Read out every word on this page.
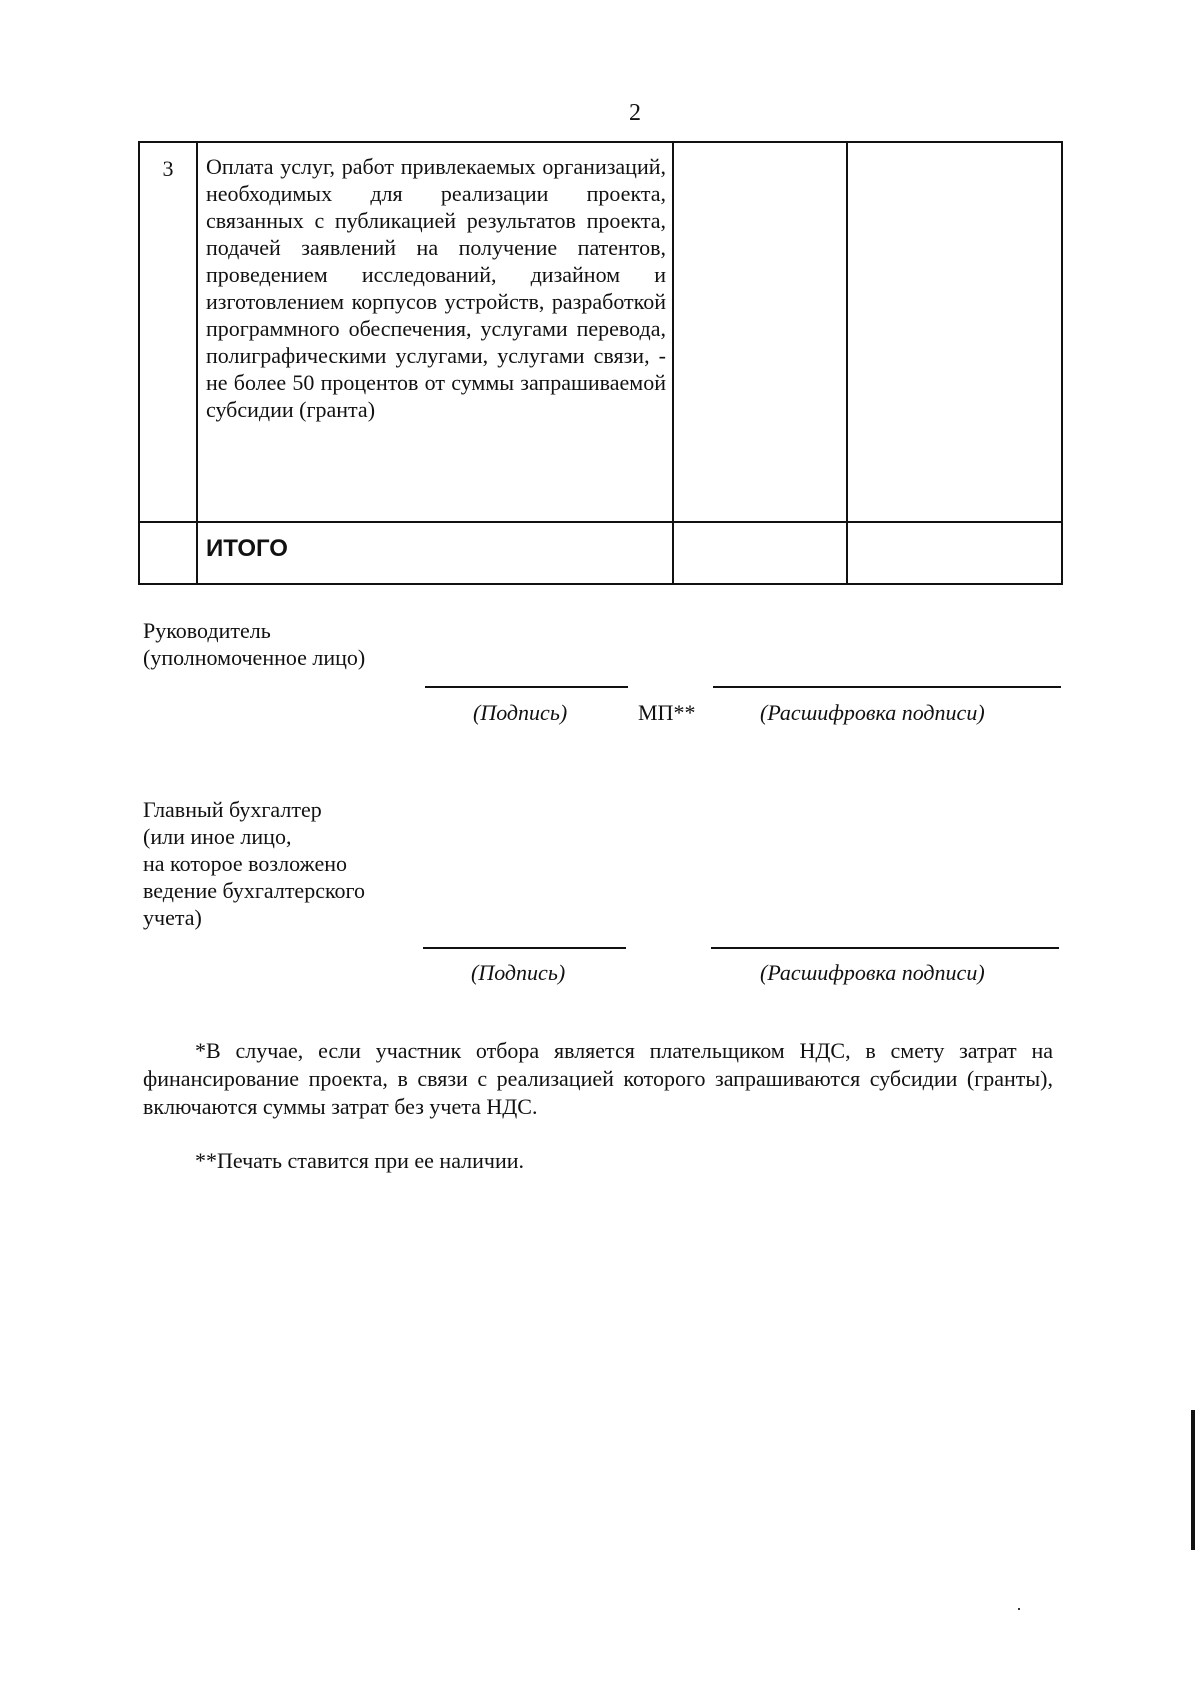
2
3	Оплата услуг, работ привлекаемых организаций, необходимых для реализации проекта, связанных с публикацией результатов проекта, подачей заявлений на получение патентов, проведением исследований, дизайном и изготовлением корпусов устройств, разработкой программного обеспечения, услугами перевода, полиграфическими услугами, услугами связи, - не более 50 процентов от суммы запрашиваемой субсидии (гранта)		

	ИТОГО		

Руководитель
(уполномоченное лицо)
(Подпись)	МП**	(Расшифровка подписи)
Главный бухгалтер
(или иное лицо,
на которое возложено
ведение бухгалтерского
учета)
(Подпись)	(Расшифровка подписи)
*В случае, если участник отбора является плательщиком НДС, в смету затрат на финансирование проекта, в связи с реализацией которого запрашиваются субсидии (гранты), включаются суммы затрат без учета НДС.
**Печать ставится при ее наличии.
